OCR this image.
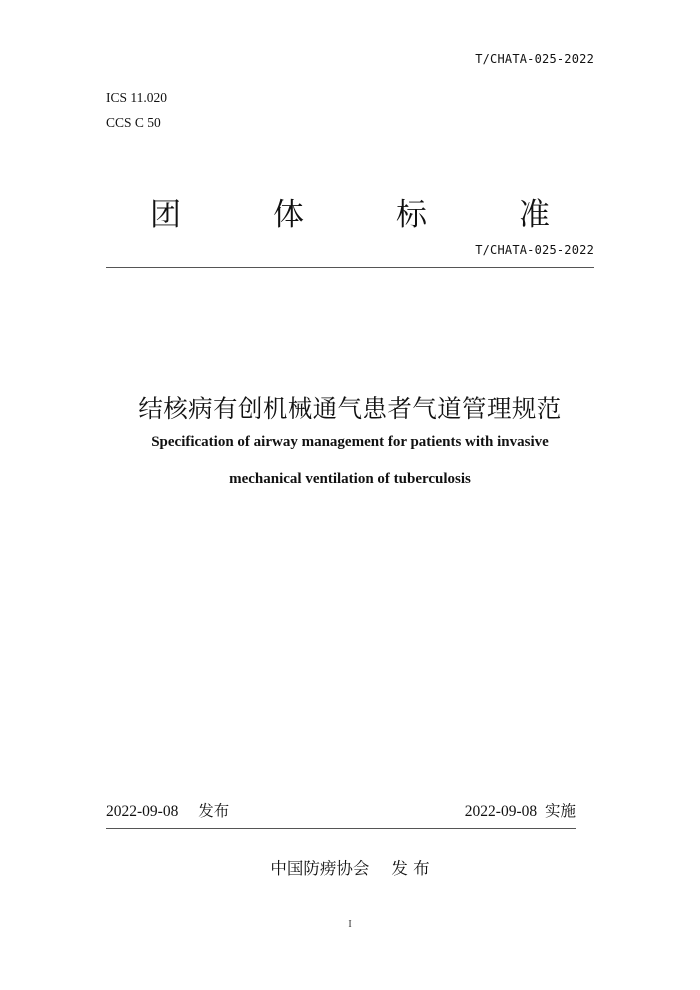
T/CHATA-025-2022
ICS 11.020
CCS C 50
团	体	标	准
T/CHATA-025-2022
结核病有创机械通气患者气道管理规范
Specification of airway management for patients with invasive
mechanical ventilation of tuberculosis
2022-09-08 发布	2022-09-08 实施
中国防痨协会 发 布
I
